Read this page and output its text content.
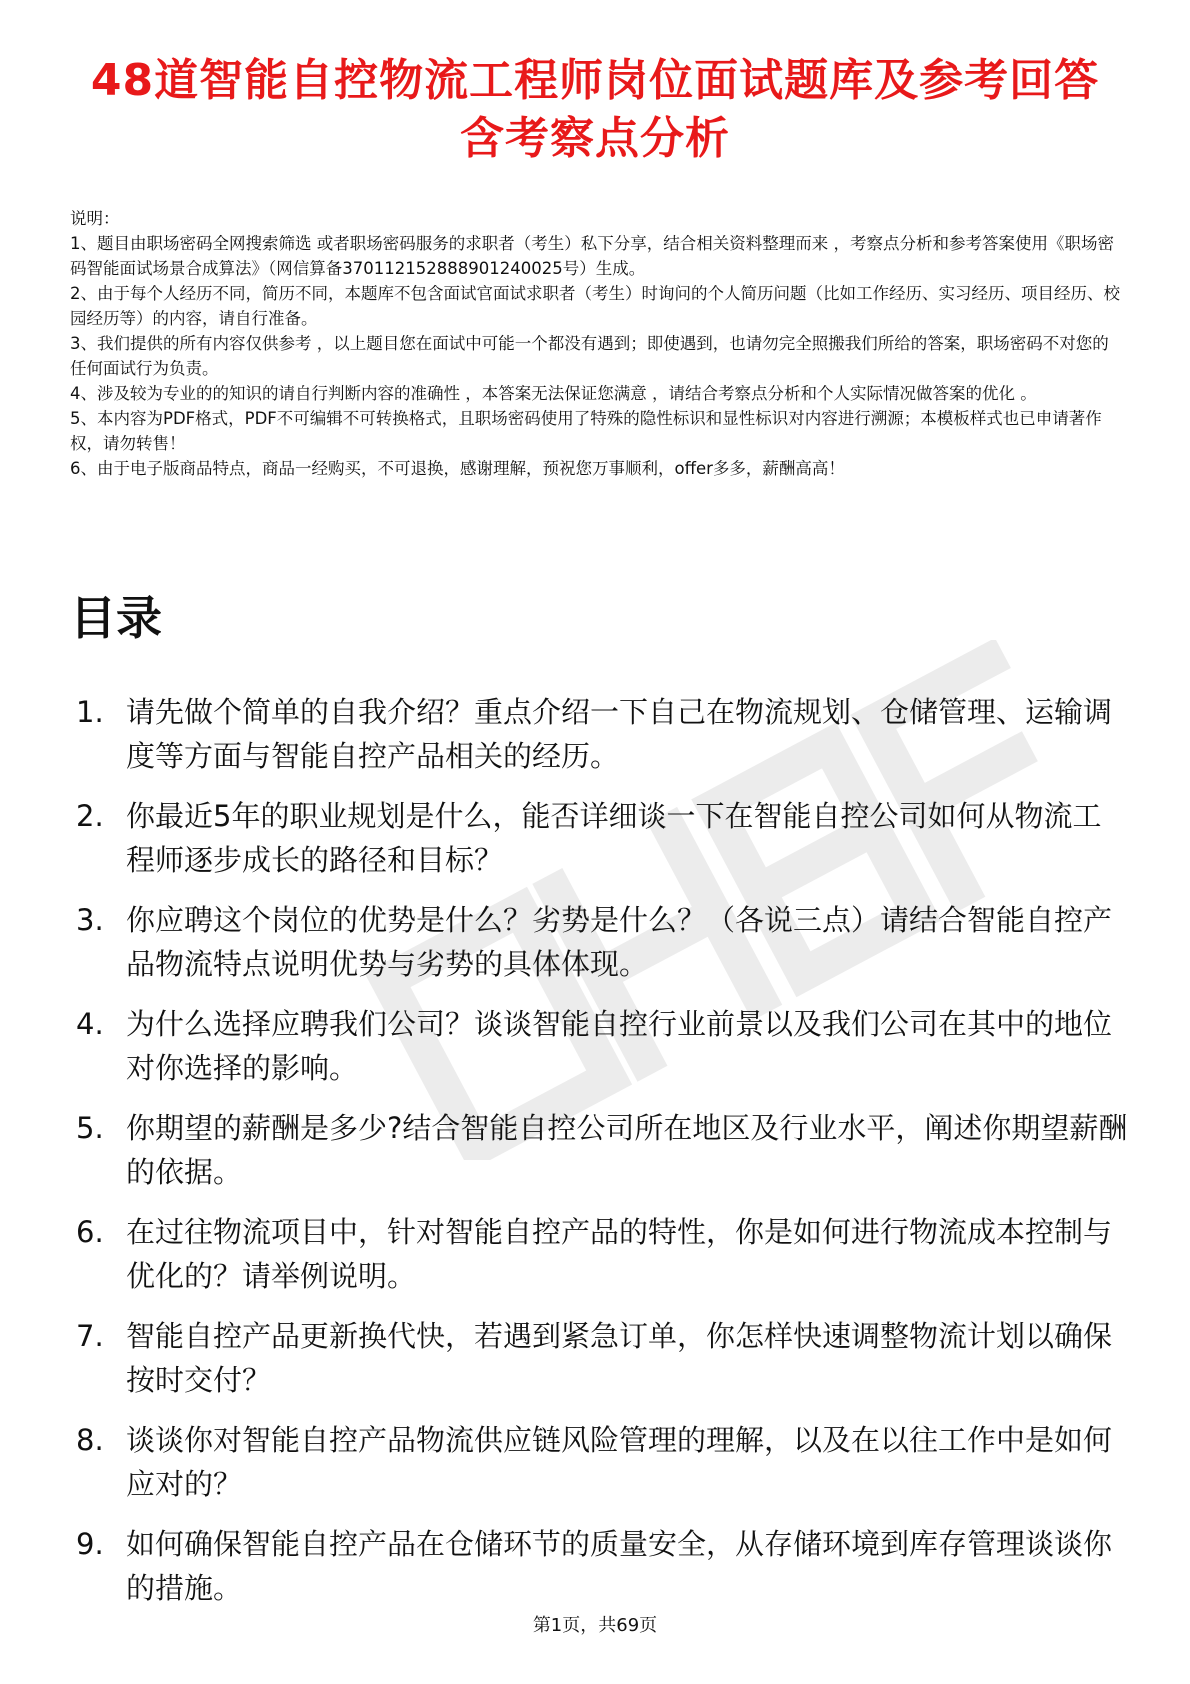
48道智能自控物流工程师岗位面试题库及参考回答含考察点分析

说明：

1、题目由职场密码全网搜索筛选 或者职场密码服务的求职者（考生）私下分享，结合相关资料整理而来 ，考察点分析和参考答案使用《职场密码智能面试场景合成算法》（网信算备370112152888901240025号）生成。

2、由于每个人经历不同，简历不同，本题库不包含面试官面试求职者（考生）时询问的个人简历问题（比如工作经历、实习经历、项目经历、校园经历等）的内容，请自行准备。

3、我们提供的所有内容仅供参考 ，以上题目您在面试中可能一个都没有遇到；即使遇到，也请勿完全照搬我们所给的答案，职场密码不对您的任何面试行为负责。

4、涉及较为专业的的知识的请自行判断内容的准确性 ，本答案无法保证您满意 ，请结合考察点分析和个人实际情况做答案的优化 。

5、本内容为PDF格式，PDF不可编辑不可转换格式，且职场密码使用了特殊的隐性标识和显性标识对内容进行溯源；本模板样式也已申请著作权，请勿转售！

6、由于电子版商品特点，商品一经购买，不可退换，感谢理解，预祝您万事顺利，offer多多，薪酬高高！

目录
1. 请先做个简单的自我介绍？重点介绍一下自己在物流规划、仓储管理、运输调度等方面与智能自控产品相关的经历。
2. 你最近5年的职业规划是什么，能否详细谈一下在智能自控公司如何从物流工程师逐步成长的路径和目标？
3. 你应聘这个岗位的优势是什么？劣势是什么？（各说三点）请结合智能自控产品物流特点说明优势与劣势的具体体现。
4. 为什么选择应聘我们公司？谈谈智能自控行业前景以及我们公司在其中的地位对你选择的影响。
5. 你期望的薪酬是多少?结合智能自控公司所在地区及行业水平，阐述你期望薪酬的依据。
6. 在过往物流项目中，针对智能自控产品的特性，你是如何进行物流成本控制与优化的？请举例说明。
7. 智能自控产品更新换代快，若遇到紧急订单，你怎样快速调整物流计划以确保按时交付？
8. 谈谈你对智能自控产品物流供应链风险管理的理解，以及在以往工作中是如何应对的？
9. 如何确保智能自控产品在仓储环节的质量安全，从存储环境到库存管理谈谈你的措施。
第1页，共69页
